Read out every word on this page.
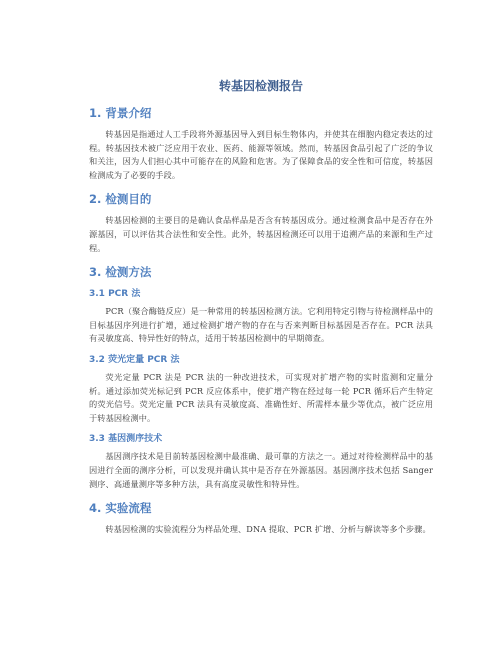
转基因检测报告
1. 背景介绍

转基因是指通过人工手段将外源基因导入到目标生物体内，并使其在细胞内稳定表达的过程。转基因技术被广泛应用于农业、医药、能源等领域。然而，转基因食品引起了广泛的争议和关注，因为人们担心其中可能存在的风险和危害。为了保障食品的安全性和可信度，转基因检测成为了必要的手段。

2. 检测目的

转基因检测的主要目的是确认食品样品是否含有转基因成分。通过检测食品中是否存在外源基因，可以评估其合法性和安全性。此外，转基因检测还可以用于追溯产品的来源和生产过程。

3. 检测方法
3.1 PCR 法

PCR（聚合酶链反应）是一种常用的转基因检测方法。它利用特定引物与待检测样品中的目标基因序列进行扩增，通过检测扩增产物的存在与否来判断目标基因是否存在。PCR 法具有灵敏度高、特异性好的特点，适用于转基因检测中的早期筛查。

3.2 荧光定量 PCR 法

荧光定量 PCR 法是 PCR 法的一种改进技术，可实现对扩增产物的实时监测和定量分析。通过添加荧光标记到 PCR 反应体系中，使扩增产物在经过每一轮 PCR 循环后产生特定的荧光信号。荧光定量 PCR 法具有灵敏度高、准确性好、所需样本量少等优点，被广泛应用于转基因检测中。

3.3 基因测序技术

基因测序技术是目前转基因检测中最准确、最可靠的方法之一。通过对待检测样品中的基因进行全面的测序分析，可以发现并确认其中是否存在外源基因。基因测序技术包括 Sanger 测序、高通量测序等多种方法，具有高度灵敏性和特异性。

4. 实验流程

转基因检测的实验流程分为样品处理、DNA 提取、PCR 扩增、分析与解读等多个步骤。
